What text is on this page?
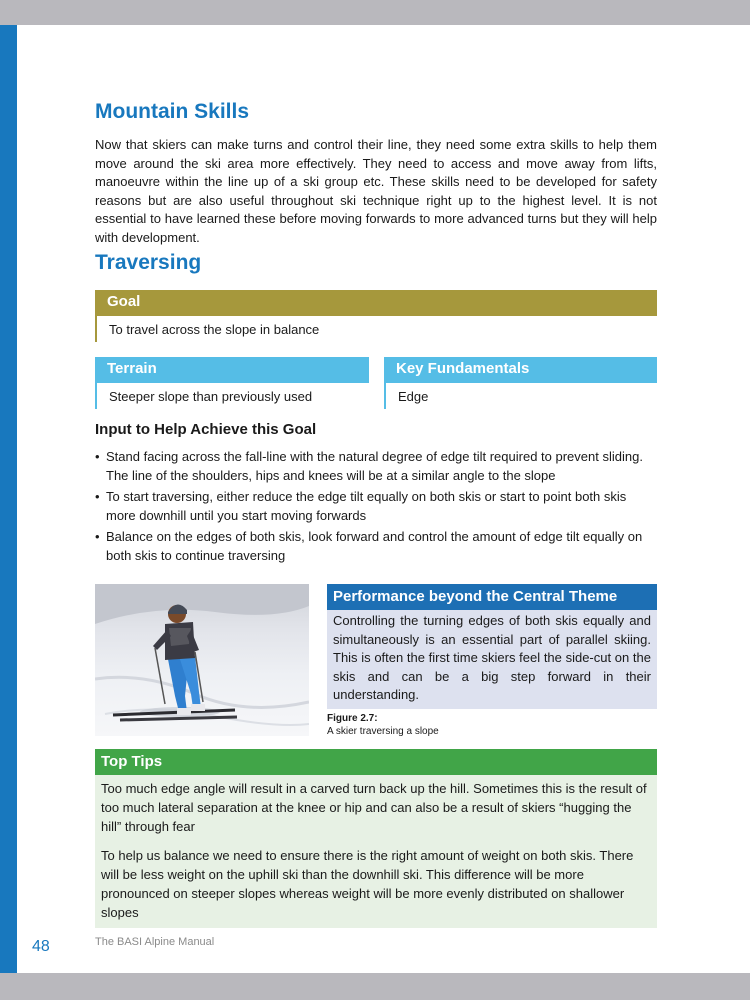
Mountain Skills

Now that skiers can make turns and control their line, they need some extra skills to help them move around the ski area more effectively. They need to access and move away from lifts, manoeuvre within the line up of a ski group etc. These skills need to be developed for safety reasons but are also useful throughout ski technique right up to the highest level. It is not essential to have learned these before moving forwards to more advanced turns but they will help with development.

Traversing
Goal
To travel across the slope in balance
Terrain
Steeper slope than previously used
Key Fundamentals
Edge
Input to Help Achieve this Goal
• Stand facing across the fall-line with the natural degree of edge tilt required to prevent sliding. The line of the shoulders, hips and knees will be at a similar angle to the slope
• To start traversing, either reduce the edge tilt equally on both skis or start to point both skis more downhill until you start moving forwards
• Balance on the edges of both skis, look forward and control the amount of edge tilt equally on both skis to continue traversing
Performance beyond the Central Theme
Controlling the turning edges of both skis equally and simultaneously is an essential part of parallel skiing. This is often the first time skiers feel the side-cut on the skis and can be a big step forward in their understanding.
Figure 2.7:
A skier traversing a slope
Top Tips

Too much edge angle will result in a carved turn back up the hill. Sometimes this is the result of too much lateral separation at the knee or hip and can also be a result of skiers “hugging the hill” through fear

To help us balance we need to ensure there is the right amount of weight on both skis. There will be less weight on the uphill ski than the downhill ski. This difference will be more pronounced on steeper slopes whereas weight will be more evenly distributed on shallower slopes

48	The BASI Alpine Manual
